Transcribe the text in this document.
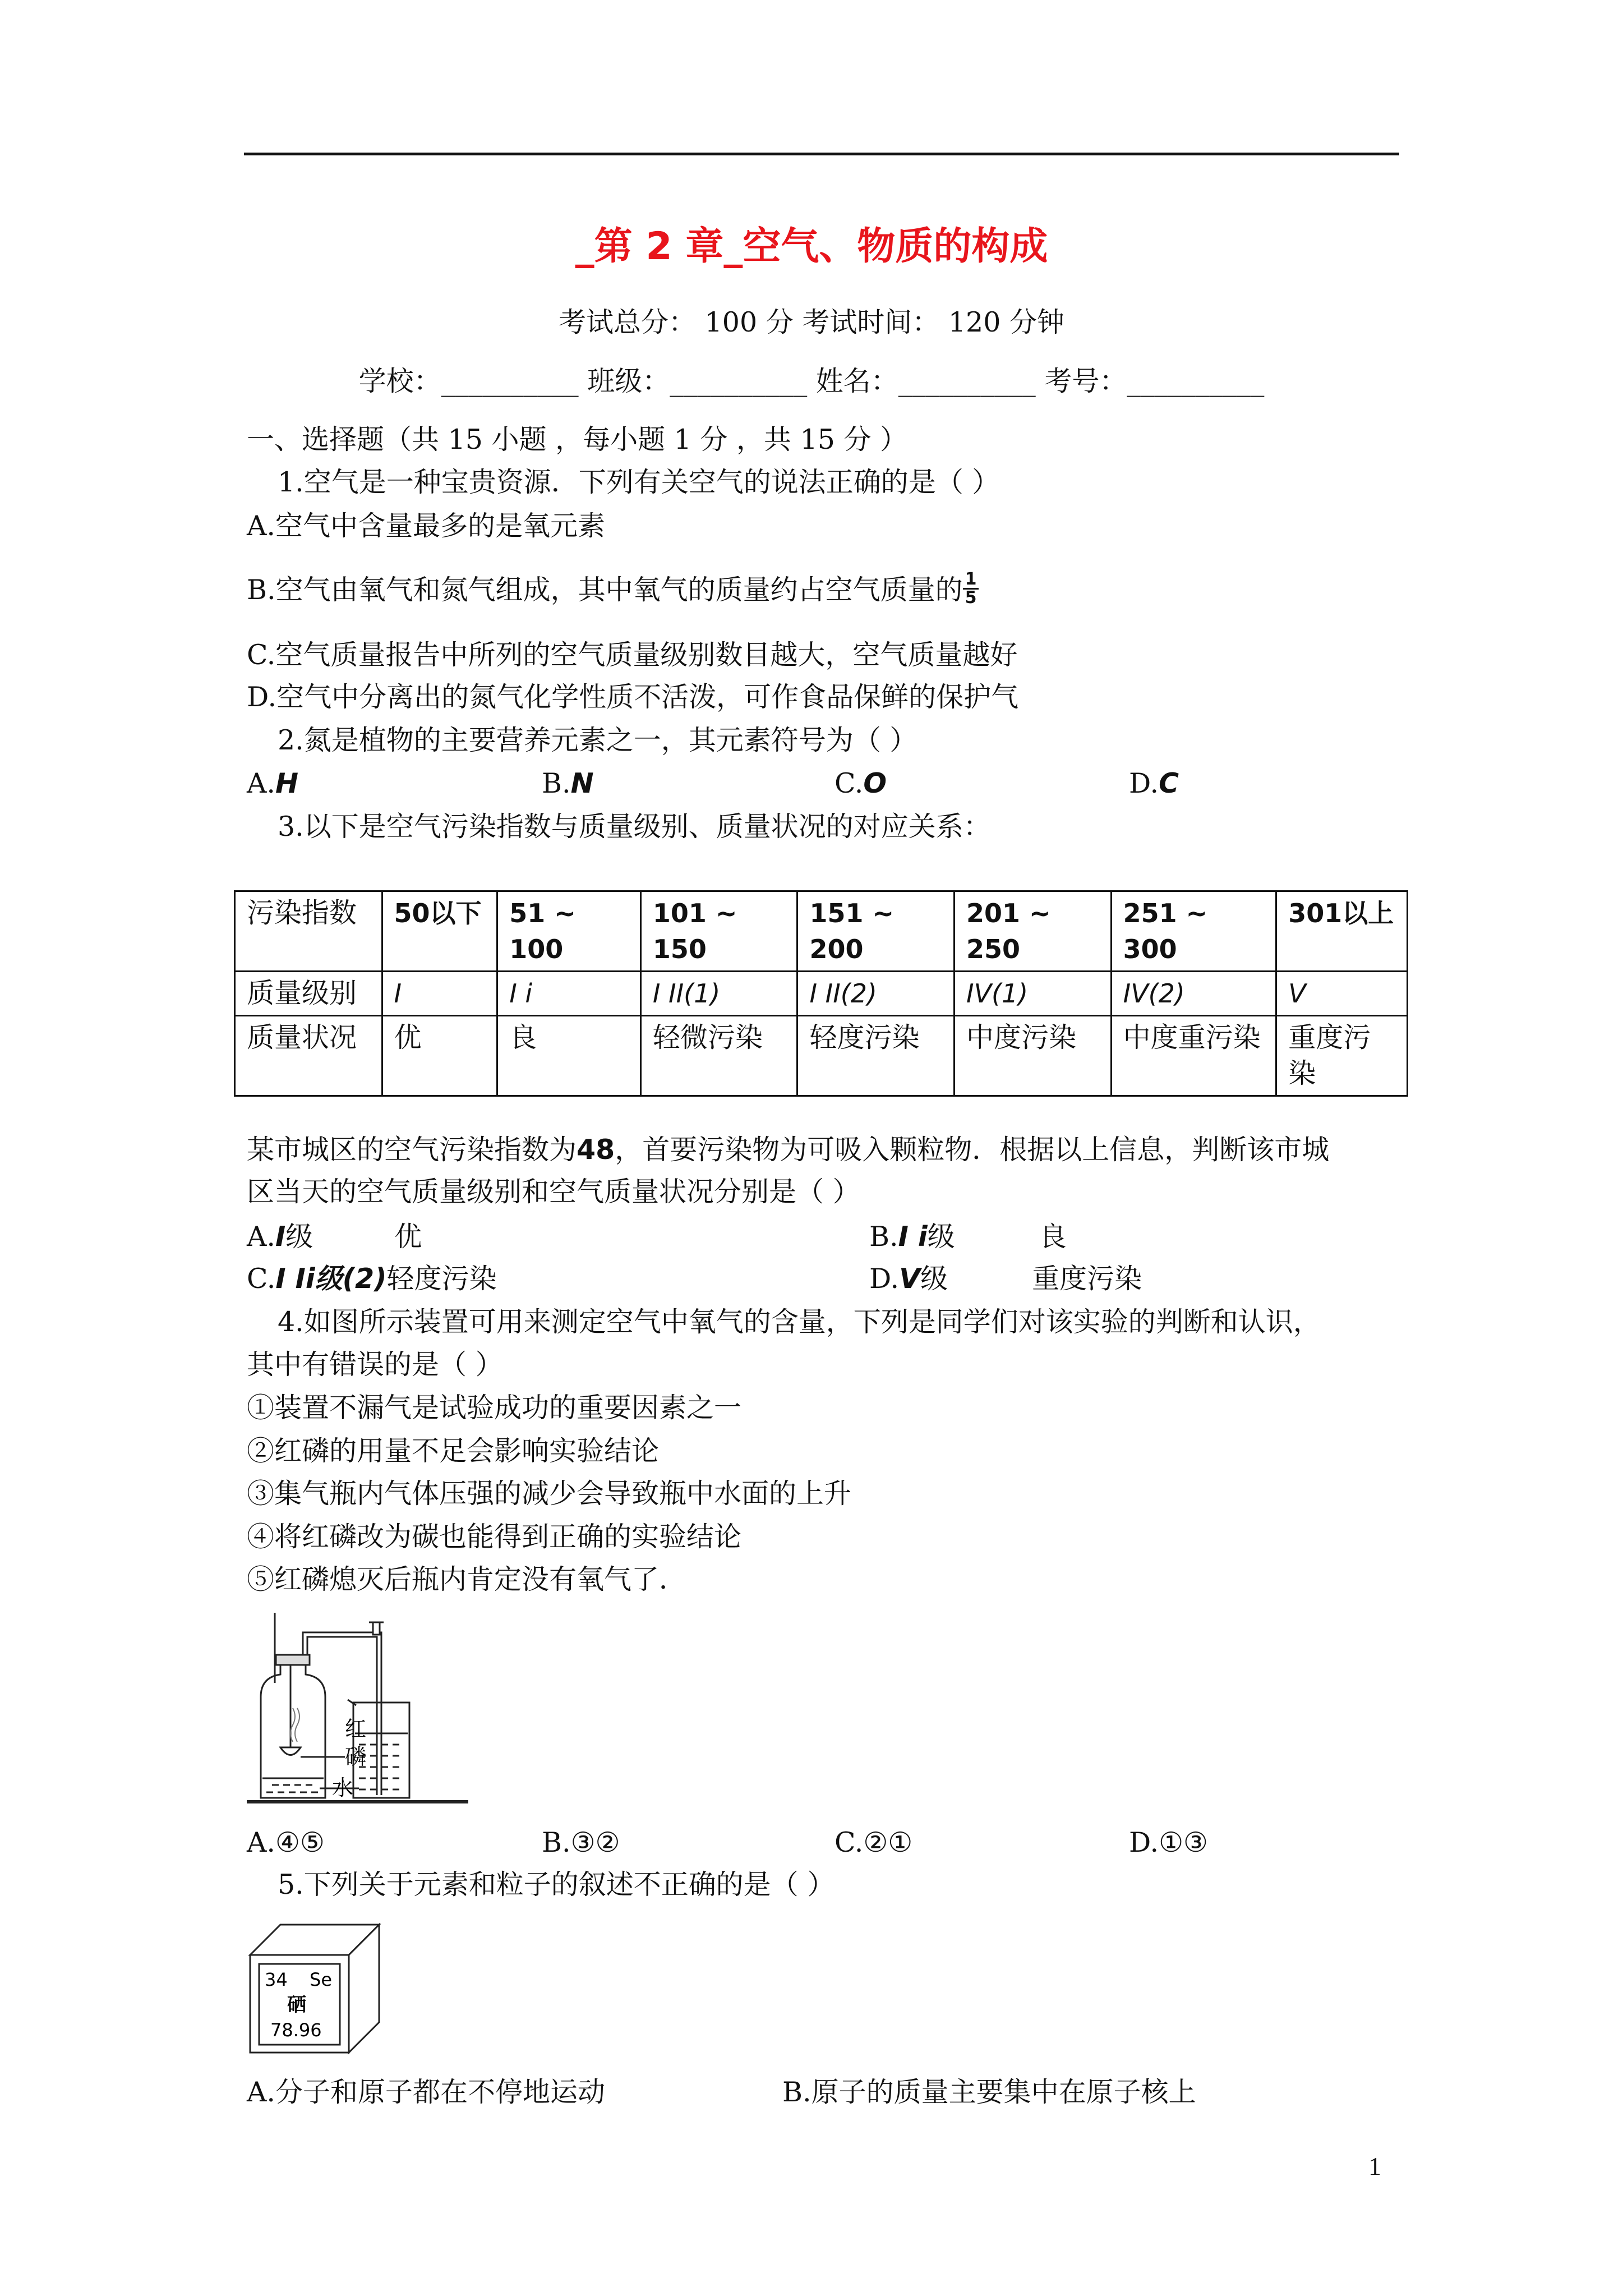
_第 2 章_空气、物质的构成
考试总分： 100 分 考试时间： 120 分钟
学校：__________ 班级：__________ 姓名：__________ 考号：__________
一、选择题（共 15 小题 ，每小题 1 分 ，共 15 分 ）
1.空气是一种宝贵资源．下列有关空气的说法正确的是（ ）
A.空气中含量最多的是氧元素
B.空气由氧气和氮气组成，其中氧气的质量约占空气质量的 $\frac{1}{5}$
C.空气质量报告中所列的空气质量级别数目越大，空气质量越好
D.空气中分离出的氮气化学性质不活泼，可作食品保鲜的保护气
2.氮是植物的主要营养元素之一，其元素符号为（ ）
A.H	B.N	C.O	D.C
3.以下是空气污染指数与质量级别、质量状况的对应关系：
污染指数	50以下	51 ~ 100	101 ~ 150	151 ~ 200	201 ~ 250	251 ~ 300	301以上
质量级别	I	I i	I II(1)	I II(2)	IV(1)	IV(2)	V
质量状况	优	良	轻微污染	轻度污染	中度污染	中度重污染	重度污染
某市城区的空气污染指数为48，首要污染物为可吸入颗粒物．根据以上信息，判断该市城
区当天的空气质量级别和空气质量状况分别是（ ）
A.I级	优	B.I i级	良
C.I Ii级(2)轻度污染	D.V级	重度污染
4.如图所示装置可用来测定空气中氧气的含量，下列是同学们对该实验的判断和认识，
其中有错误的是（ ）
①装置不漏气是试验成功的重要因素之一
②红磷的用量不足会影响实验结论
③集气瓶内气体压强的减少会导致瓶中水面的上升
④将红磷改为碳也能得到正确的实验结论
⑤红磷熄灭后瓶内肯定没有氧气了．
红
磷
水
A.④⑤	B.③②	C.②①	D.①③
5.下列关于元素和粒子的叙述不正确的是（ ）
34 Se
硒
78.96
A.分子和原子都在不停地运动	B.原子的质量主要集中在原子核上
1
